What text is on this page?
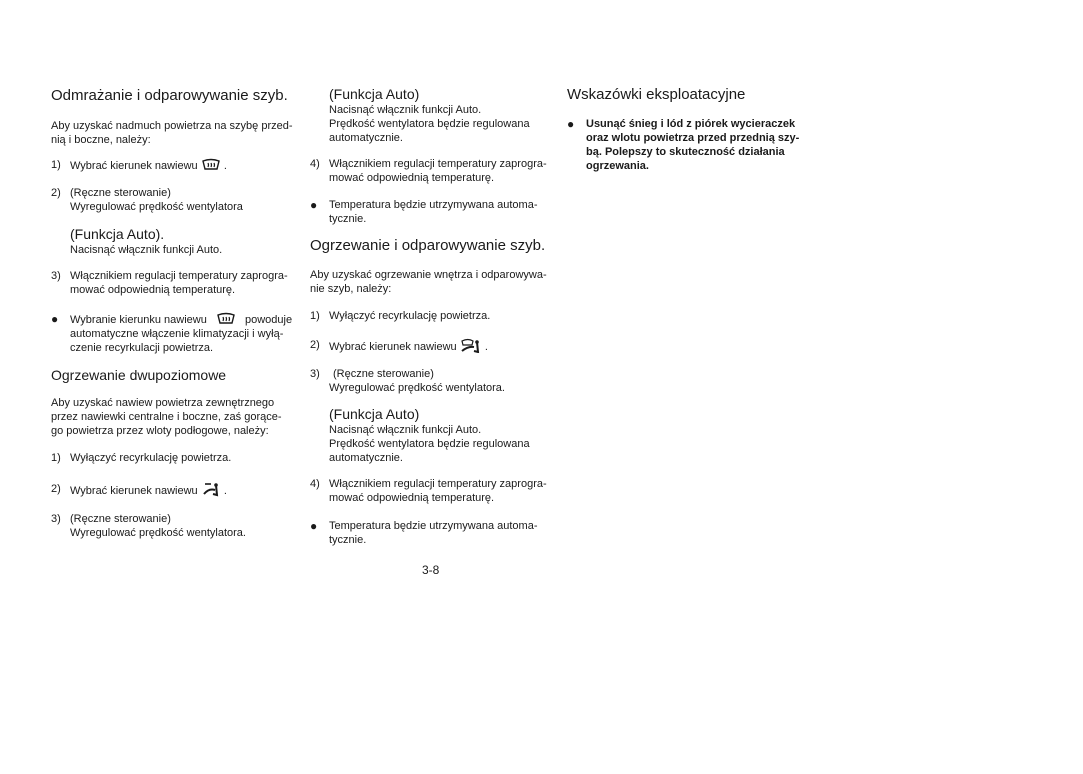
Odmrażanie i odparowywanie szyb.
Aby uzyskać nadmuch powietrza na szybę przed-
nią i boczne, należy:
1) Wybrać kierunek nawiewu .
2) (Ręczne sterowanie)
Wyregulować prędkość wentylatora
(Funkcja Auto).
Nacisnąć włącznik funkcji Auto.
3) Włącznikiem regulacji temperatury zaprogra-
mować odpowiednią temperaturę.
● Wybranie kierunku nawiewu	powoduje
automatyczne włączenie klimatyzacji i wyłą-
czenie recyrkulacji powietrza.
Ogrzewanie dwupoziomowe
Aby uzyskać nawiew powietrza zewnętrznego
przez nawiewki centralne i boczne, zaś gorące-
go powietrza przez wloty podłogowe, należy:
1) Wyłączyć recyrkulację powietrza.
2) Wybrać kierunek nawiewu .
3) (Ręczne sterowanie)
Wyregulować prędkość wentylatora.
(Funkcja Auto)
Nacisnąć włącznik funkcji Auto.
Prędkość wentylatora będzie regulowana
automatycznie.
4) Włącznikiem regulacji temperatury zaprogra-
mować odpowiednią temperaturę.
● Temperatura będzie utrzymywana automa-
tycznie.
Ogrzewanie i odparowywanie szyb.
Aby uzyskać ogrzewanie wnętrza i odparowywa-
nie szyb, należy:
1) Wyłączyć recyrkulację powietrza.
2) Wybrać kierunek nawiewu	.
3) (Ręczne sterowanie)
Wyregulować prędkość wentylatora.
(Funkcja Auto)
Nacisnąć włącznik funkcji Auto.
Prędkość wentylatora będzie regulowana
automatycznie.
4) Włącznikiem regulacji temperatury zaprogra-
mować odpowiednią temperaturę.
● Temperatura będzie utrzymywana automa-
tycznie.
Wskazówki eksploatacyjne
● Usunąć śnieg i lód z piórek wycieraczek
oraz wlotu powietrza przed przednią szy-
bą. Polepszy to skuteczność działania
ogrzewania.
3-8
